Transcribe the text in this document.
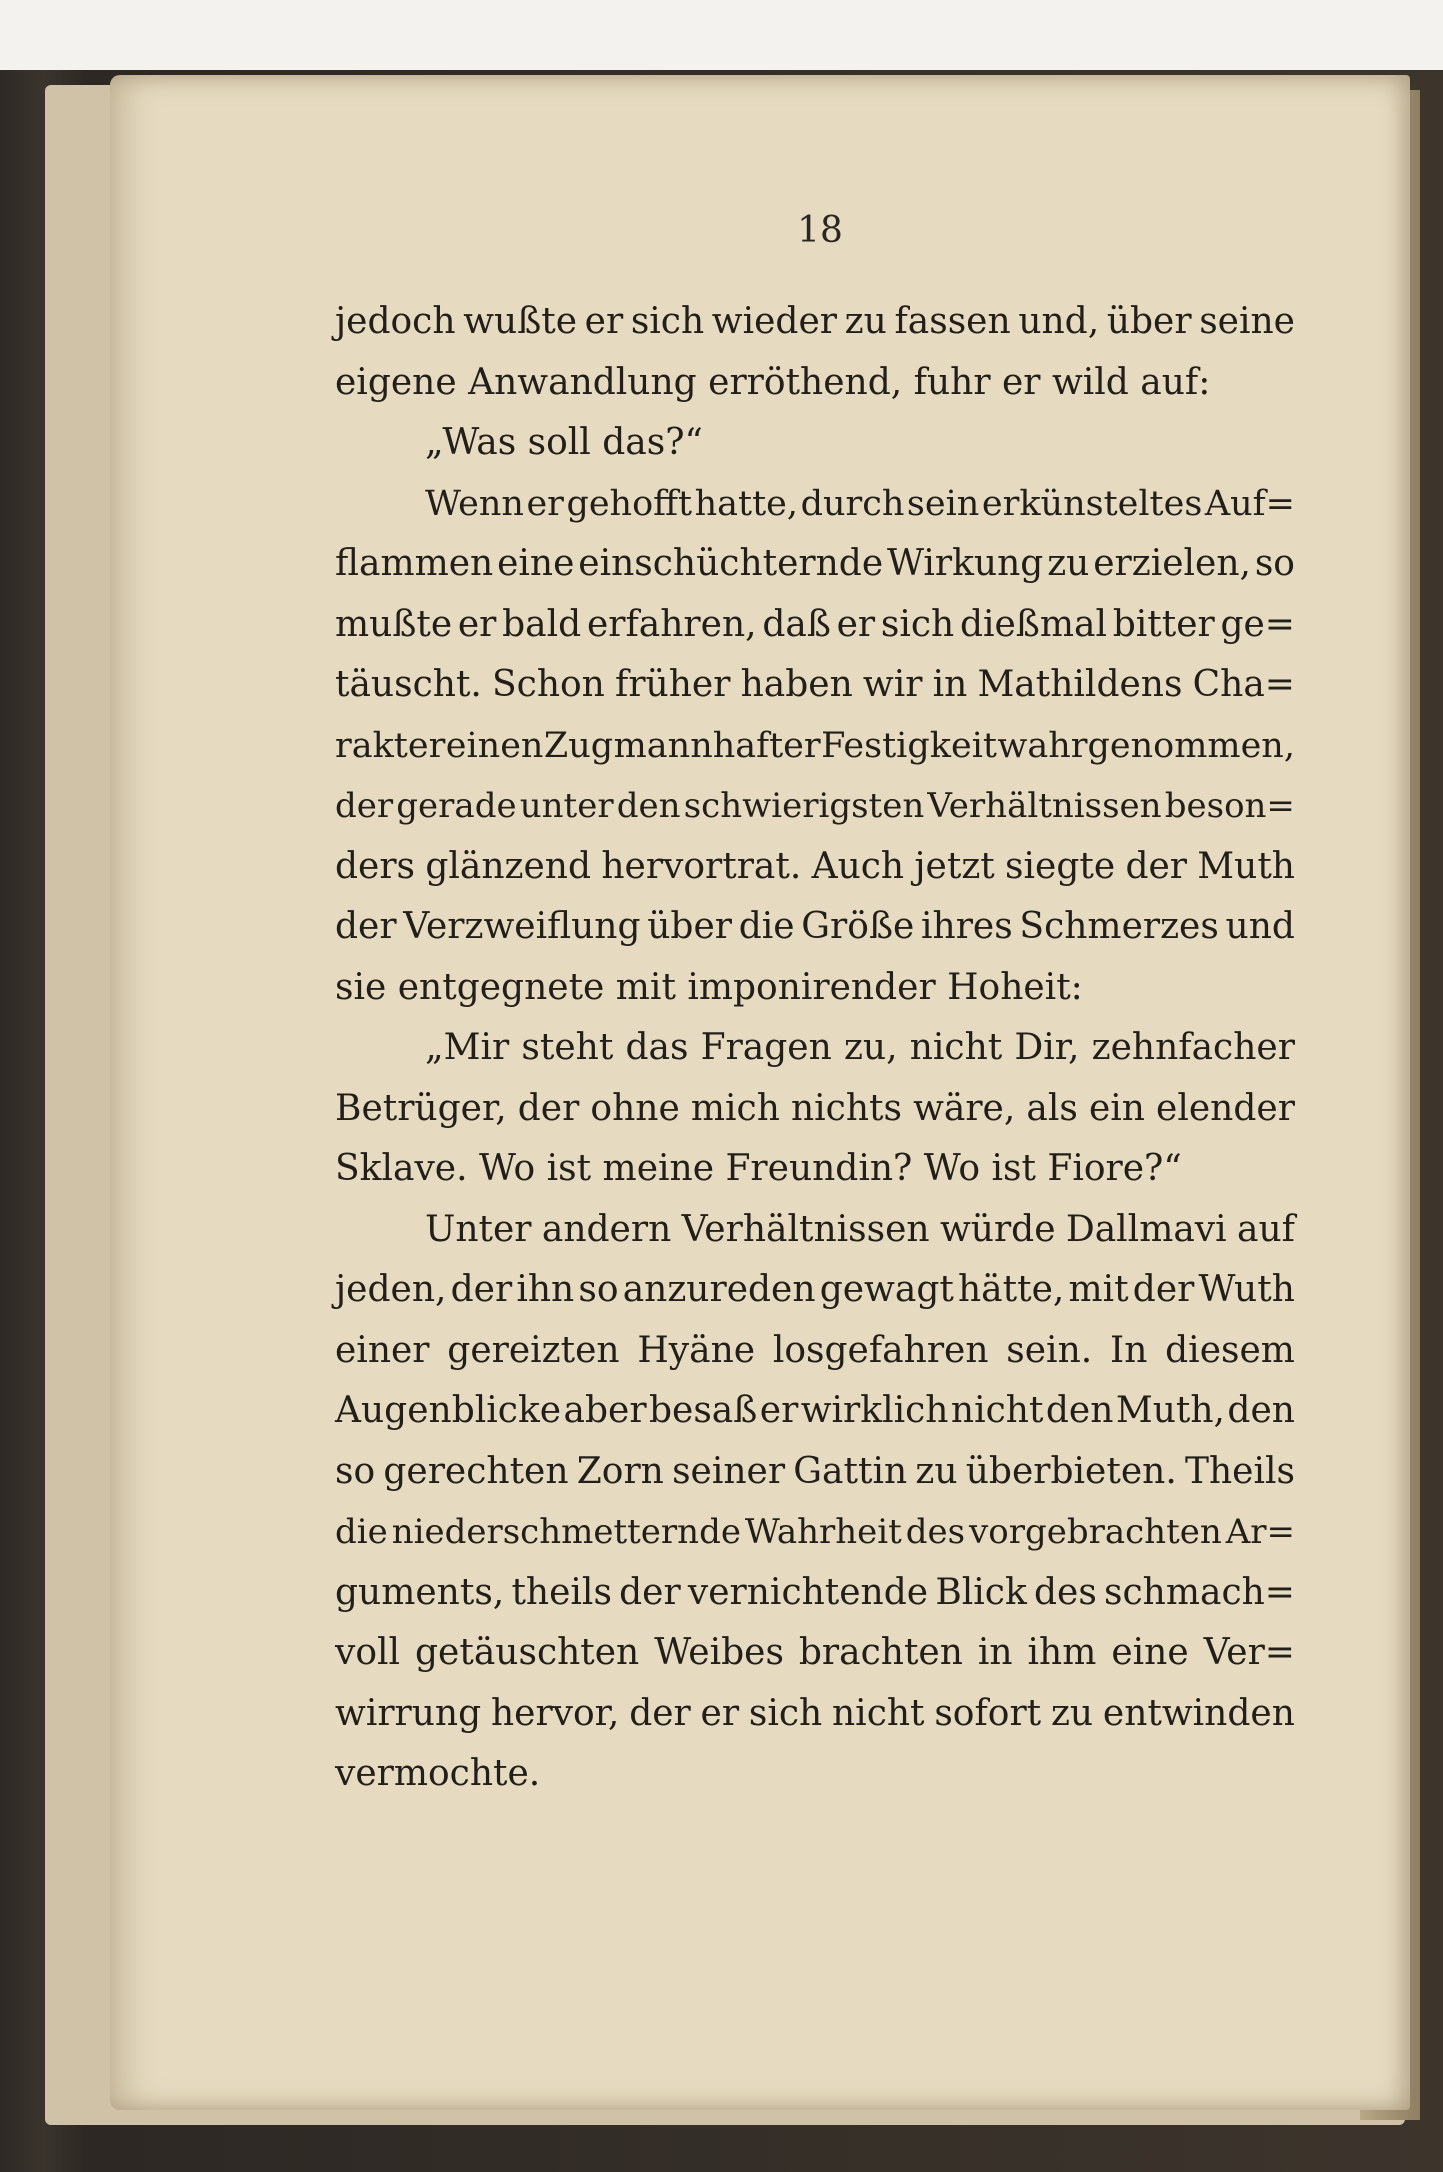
18
jedoch wußte er sich wieder zu fassen und, über seine
eigene Anwandlung erröthend, fuhr er wild auf:
„Was soll das?“
Wenn er gehofft hatte, durch sein erkünsteltes Auf=
flammen eine einschüchternde Wirkung zu erzielen, so
mußte er bald erfahren, daß er sich dießmal bitter ge=
täuscht. Schon früher haben wir in Mathildens Cha=
rakter einen Zug mannhafter Festigkeit wahrgenommen,
der gerade unter den schwierigsten Verhältnissen beson=
ders glänzend hervortrat. Auch jetzt siegte der Muth
der Verzweiflung über die Größe ihres Schmerzes und
sie entgegnete mit imponirender Hoheit:
„Mir steht das Fragen zu, nicht Dir, zehnfacher
Betrüger, der ohne mich nichts wäre, als ein elender
Sklave. Wo ist meine Freundin? Wo ist Fiore?“
Unter andern Verhältnissen würde Dallmavi auf
jeden, der ihn so anzureden gewagt hätte, mit der Wuth
einer gereizten Hyäne losgefahren sein. In diesem
Augenblicke aber besaß er wirklich nicht den Muth, den
so gerechten Zorn seiner Gattin zu überbieten. Theils
die niederschmetternde Wahrheit des vorgebrachten Ar=
guments, theils der vernichtende Blick des schmach=
voll getäuschten Weibes brachten in ihm eine Ver=
wirrung hervor, der er sich nicht sofort zu entwinden
vermochte.
